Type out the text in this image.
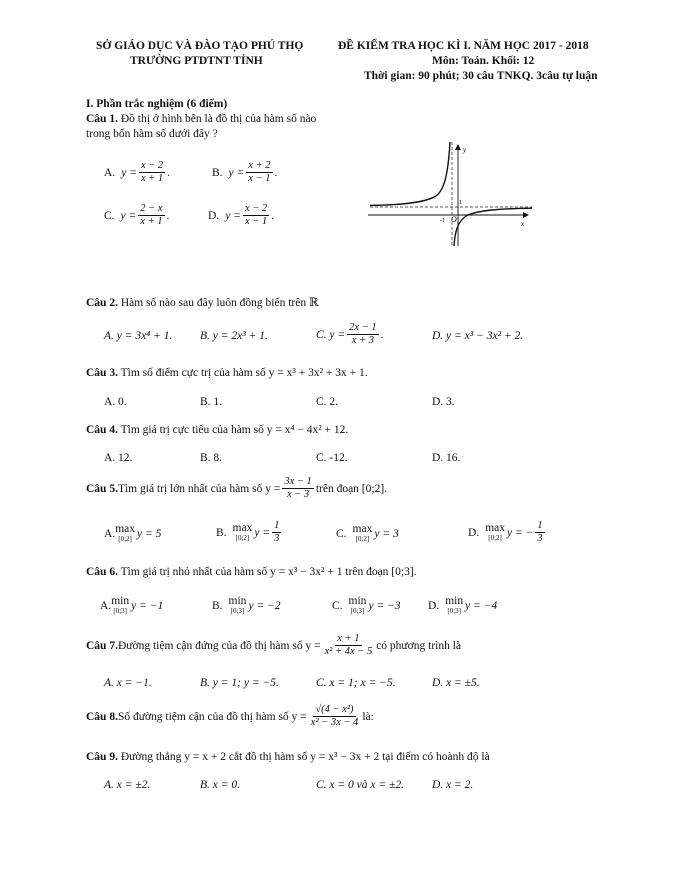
SỞ GIÁO DỤC VÀ ĐÀO TẠO PHÚ THỌ
TRƯỜNG PTDTNT TỈNH
ĐỀ KIỂM TRA HỌC KÌ I. NĂM HỌC 2017 - 2018
Môn: Toán. Khối: 12
Thời gian: 90 phút; 30 câu TNKQ. 3câu tự luận
I. Phần trắc nghiệm (6 điểm)
Câu 1. Đồ thị ở hình bên là đồ thị của hàm số nào
trong bốn hàm số dưới đây ?
A. $y = \frac{x - 2}{x + 1}$ .	B. $y = \frac{x + 2}{x - 1}$ .
C. $y = \frac{2 - x}{x + 1}$ .	D. $y = \frac{x - 2}{x - 1}$ .
y
x
O
-1
1
Câu 2. Hàm số nào sau đây luôn đồng biến trên ℝ
A. y = 3x⁴ + 1. B. y = 2x³ + 1.	C. $y = \frac{2x - 1}{x + 3}$ .	D. y = x³ − 3x² + 2.
Câu 3. Tìm số điểm cực trị của hàm số y = x³ + 3x² + 3x + 1.
A. 0.	B. 1.	C. 2.	D. 3.
Câu 4. Tìm giá trị cực tiểu của hàm số y = x⁴ − 4x² + 12.
A. 12.	B. 8.	C. -12.	D. 16.
Câu 5. Tìm giá trị lớn nhất của hàm số $y = \frac{3x - 1}{x - 3}$ trên đoạn [0;2].
A. max
[0;2] y = 5	B. max
[0;2] $y = \frac{1}{3}$	C. max
[0;2] y = 3	D. max
[0;2] y = − $\frac{1}{3}$
Câu 6. Tìm giá trị nhỏ nhất của hàm số y = x³ − 3x² + 1 trên đoạn [0;3].
A. min
[0;3] y = −1	B. min
[0;3] y = −2	C. min
[0;3] y = −3 D. min
[0;3] y = −4
Câu 7. Đường tiệm cận đứng của đồ thị hàm số $y = \frac{x + 1}{\text{x² + 4x − 5}}$ có phương trình là
A. x = −1.	B. y = 1; y = −5.	C. x = 1; x = −5.	D. x = ±5.
Câu 8. Số đường tiệm cận của đồ thị hàm số $y = \frac{\text{√(4 − x²)}}{\text{x² − 3x − 4}}$ là:
Câu 9. Đường thẳng y = x + 2 cắt đồ thị hàm số y = x³ − 3x + 2 tại điểm có hoành độ là
A. x = ±2.	B. x = 0.	C. x = 0 và x = ±2. D. x = 2.
